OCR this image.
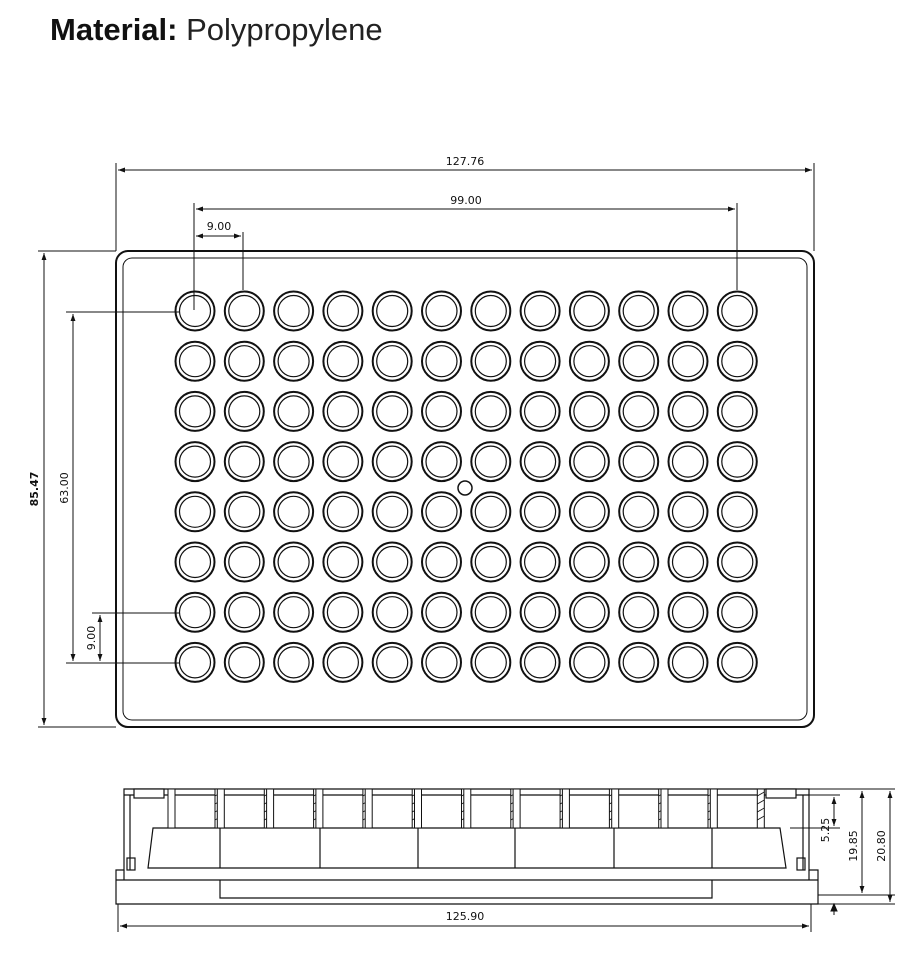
Material: Polypropylene
127.76
99.00
9.00
85.47 63.00
9.00
125.90
5.25
19.85 20.80
